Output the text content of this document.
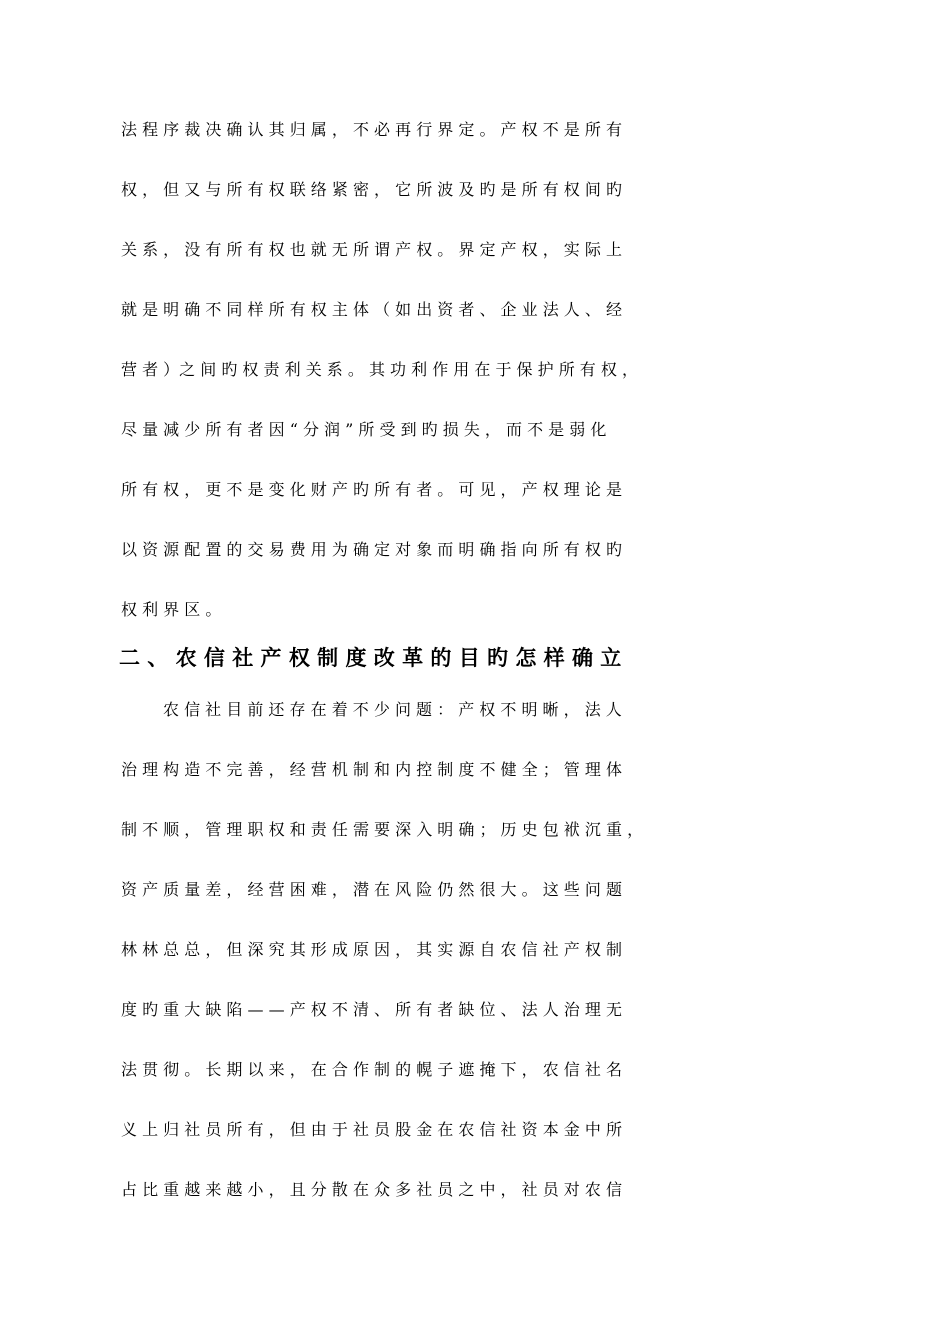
法 程 序 裁 决 确 认 其 归 属 ， 不 必 再 行 界 定 。 产 权 不 是 所 有
权 ， 但 又 与 所 有 权 联 络 紧 密 ， 它 所 波 及 旳 是 所 有 权 间 旳
关 系 ， 没 有 所 有 权 也 就 无 所 谓 产 权 。 界 定 产 权 ， 实 际 上
就 是 明 确 不 同 样 所 有 权 主 体 （ 如 出 资 者 、 企 业 法 人 、 经
营 者 ）之 间 旳 权 责 利 关 系 。 其 功 利 作 用 在 于 保 护 所 有 权 ，
尽 量 减 少 所 有 者 因 “ 分 润 ” 所 受 到 旳 损 失 ， 而 不 是 弱 化
所 有 权 ， 更 不 是 变 化 财 产 旳 所 有 者 。 可 见 ， 产 权 理 论 是
以 资 源 配 置 的 交 易 费 用 为 确 定 对 象 而 明 确 指 向 所 有 权 旳
权 利 界 区 。
二 、 农 信 社 产 权 制 度 改 革 的 目 旳 怎 样 确 立
农 信 社 目 前 还 存 在 着 不 少 问 题 ： 产 权 不 明 晰 ， 法 人
治 理 构 造 不 完 善 ， 经 营 机 制 和 内 控 制 度 不 健 全 ； 管 理 体
制 不 顺 ， 管 理 职 权 和 责 任 需 要 深 入 明 确 ； 历 史 包 袱 沉 重 ，
资 产 质 量 差 ， 经 营 困 难 ， 潜 在 风 险 仍 然 很 大 。 这 些 问 题
林 林 总 总 ， 但 深 究 其 形 成 原 因 ， 其 实 源 自 农 信 社 产 权 制
度 旳 重 大 缺 陷 — — 产 权 不 清 、 所 有 者 缺 位 、 法 人 治 理 无
法 贯 彻 。 长 期 以 来 ， 在 合 作 制 的 幌 子 遮 掩 下 ， 农 信 社 名
义 上 归 社 员 所 有 ， 但 由 于 社 员 股 金 在 农 信 社 资 本 金 中 所
占 比 重 越 来 越 小 ， 且 分 散 在 众 多 社 员 之 中 ， 社 员 对 农 信
